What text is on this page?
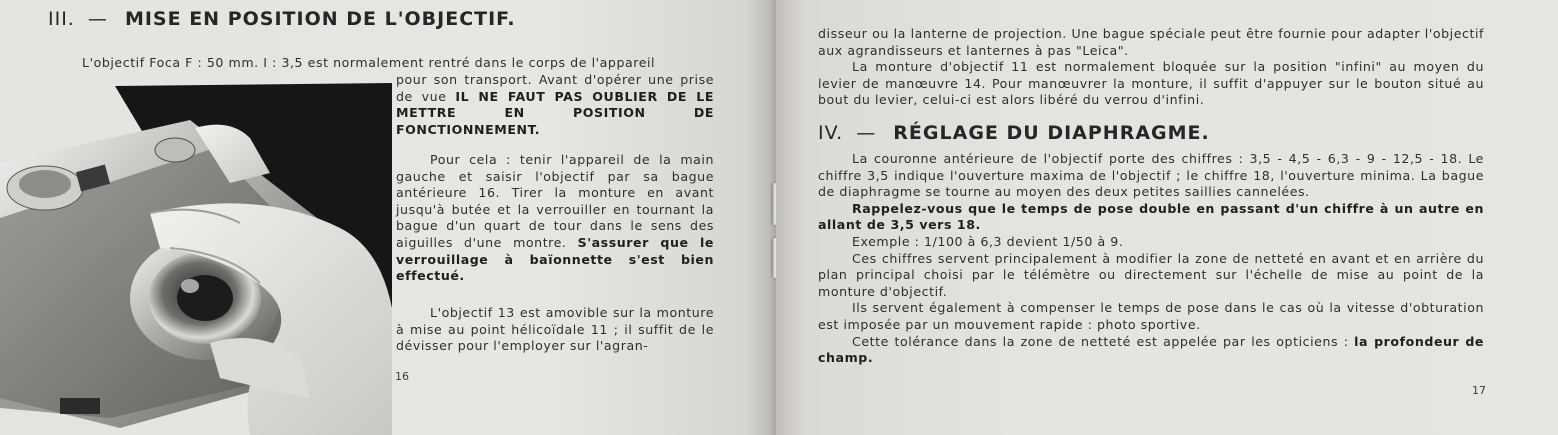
III. — MISE EN POSITION DE L'OBJECTIF.
L'objectif Foca F : 50 mm. I : 3,5 est normalement rentré dans le corps de l'appareil

pour son transport. Avant d'opérer une prise de vue IL NE FAUT PAS OUBLIER DE LE METTRE EN POSITION DE FONCTIONNEMENT.

Pour cela : tenir l'appareil de la main gauche et saisir l'objectif par sa bague antérieure 16. Tirer la monture en avant jusqu'à butée et la verrouiller en tournant la bague d'un quart de tour dans le sens des aiguilles d'une montre. S'assurer que le verrouillage à baïonnette s'est bien effectué.

L'objectif 13 est amovible sur la monture à mise au point hélicoïdale 11 ; il suffit de le dévisser pour l'employer sur l'agran-

16

disseur ou la lanterne de projection. Une bague spéciale peut être fournie pour adapter l'objectif aux agrandisseurs et lanternes à pas "Leica".

La monture d'objectif 11 est normalement bloquée sur la position "infini" au moyen du levier de manœuvre 14. Pour manœuvrer la monture, il suffit d'appuyer sur le bouton situé au bout du levier, celui-ci est alors libéré du verrou d'infini.

IV. — RÉGLAGE DU DIAPHRAGME.

La couronne antérieure de l'objectif porte des chiffres : 3,5 - 4,5 - 6,3 - 9 - 12,5 - 18. Le chiffre 3,5 indique l'ouverture maxima de l'objectif ; le chiffre 18, l'ouverture minima. La bague de diaphragme se tourne au moyen des deux petites saillies cannelées.

Rappelez-vous que le temps de pose double en passant d'un chiffre à un autre en allant de 3,5 vers 18.

Exemple : 1/100 à 6,3 devient 1/50 à 9.

Ces chiffres servent principalement à modifier la zone de netteté en avant et en arrière du plan principal choisi par le télémètre ou directement sur l'échelle de mise au point de la monture d'objectif.

Ils servent également à compenser le temps de pose dans le cas où la vitesse d'obturation est imposée par un mouvement rapide : photo sportive.

Cette tolérance dans la zone de netteté est appelée par les opticiens : la profondeur de champ.

17
